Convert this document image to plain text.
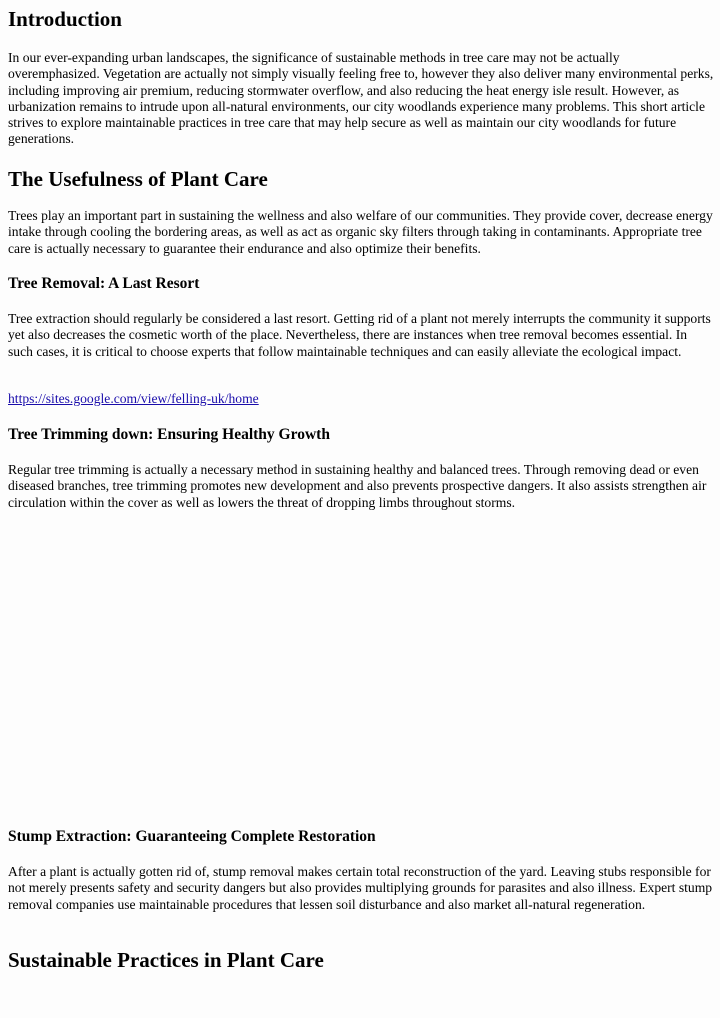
Introduction

In our ever-expanding urban landscapes, the significance of sustainable methods in tree care may not be actually overemphasized. Vegetation are actually not simply visually feeling free to, however they also deliver many environmental perks, including improving air premium, reducing stormwater overflow, and also reducing the heat energy isle result. However, as urbanization remains to intrude upon all-natural environments, our city woodlands experience many problems. This short article strives to explore maintainable practices in tree care that may help secure as well as maintain our city woodlands for future generations.

The Usefulness of Plant Care

Trees play an important part in sustaining the wellness and also welfare of our communities. They provide cover, decrease energy intake through cooling the bordering areas, as well as act as organic sky filters through taking in contaminants. Appropriate tree care is actually necessary to guarantee their endurance and also optimize their benefits.

Tree Removal: A Last Resort

Tree extraction should regularly be considered a last resort. Getting rid of a plant not merely interrupts the community it supports yet also decreases the cosmetic worth of the place. Nevertheless, there are instances when tree removal becomes essential. In such cases, it is critical to choose experts that follow maintainable techniques and can easily alleviate the ecological impact.

https://sites.google.com/view/felling-uk/home
Tree Trimming down: Ensuring Healthy Growth

Regular tree trimming is actually a necessary method in sustaining healthy and balanced trees. Through removing dead or even diseased branches, tree trimming promotes new development and also prevents prospective dangers. It also assists strengthen air circulation within the cover as well as lowers the threat of dropping limbs throughout storms.

Stump Extraction: Guaranteeing Complete Restoration

After a plant is actually gotten rid of, stump removal makes certain total reconstruction of the yard. Leaving stubs responsible for not merely presents safety and security dangers but also provides multiplying grounds for parasites and also illness. Expert stump removal companies use maintainable procedures that lessen soil disturbance and also market all-natural regeneration.

Sustainable Practices in Plant Care
